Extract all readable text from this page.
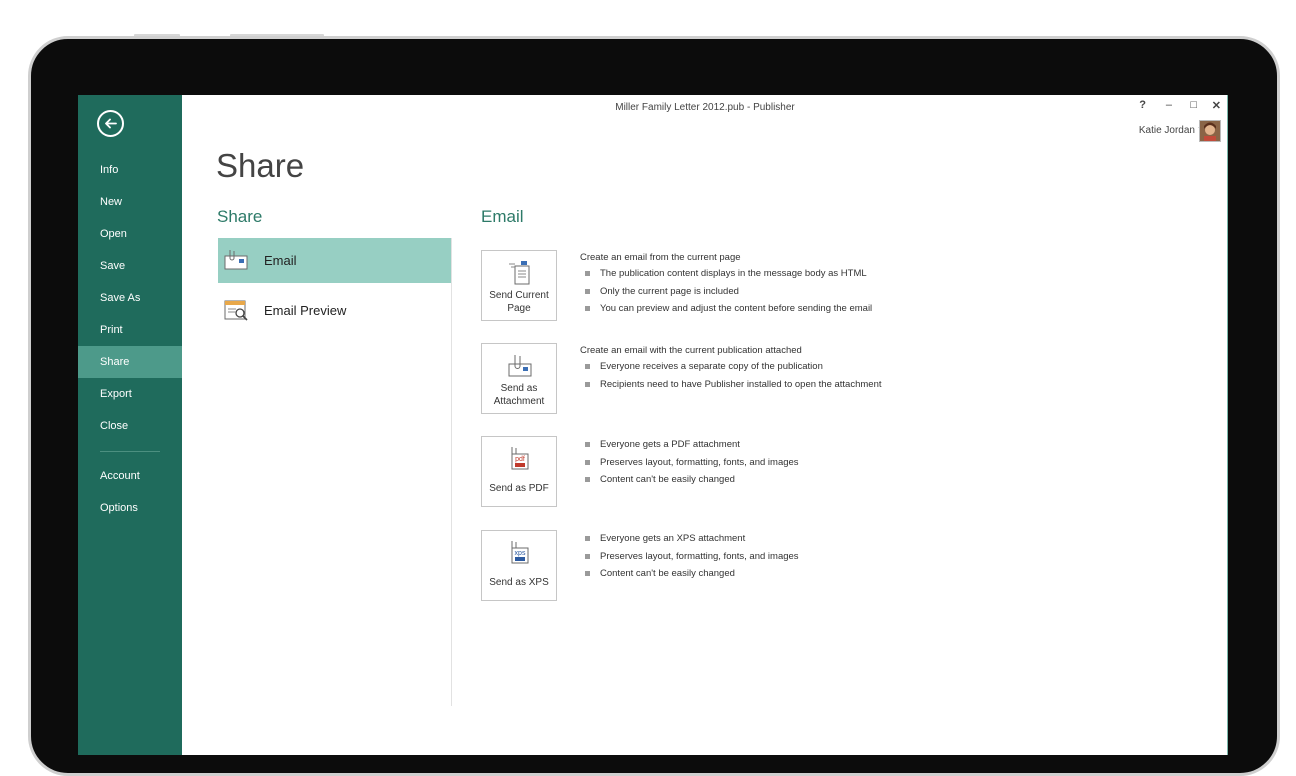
Info
New
Open
Save
Save As
Print
Share
Export
Close
Account
Options
Miller Family Letter 2012.pub - Publisher	? – □ ✕
Katie Jordan
Share
Share	Email
Email
Email Preview
Send Current
Page
Create an email from the current page
The publication content displays in the message body as HTML
Only the current page is included
You can preview and adjust the content before sending the email
Send as
Attachment
Create an email with the current publication attached
Everyone receives a separate copy of the publication
Recipients need to have Publisher installed to open the attachment
pdf
Send as PDF
Everyone gets a PDF attachment
Preserves layout, formatting, fonts, and images
Content can't be easily changed
xps
Send as XPS
Everyone gets an XPS attachment
Preserves layout, formatting, fonts, and images
Content can't be easily changed
